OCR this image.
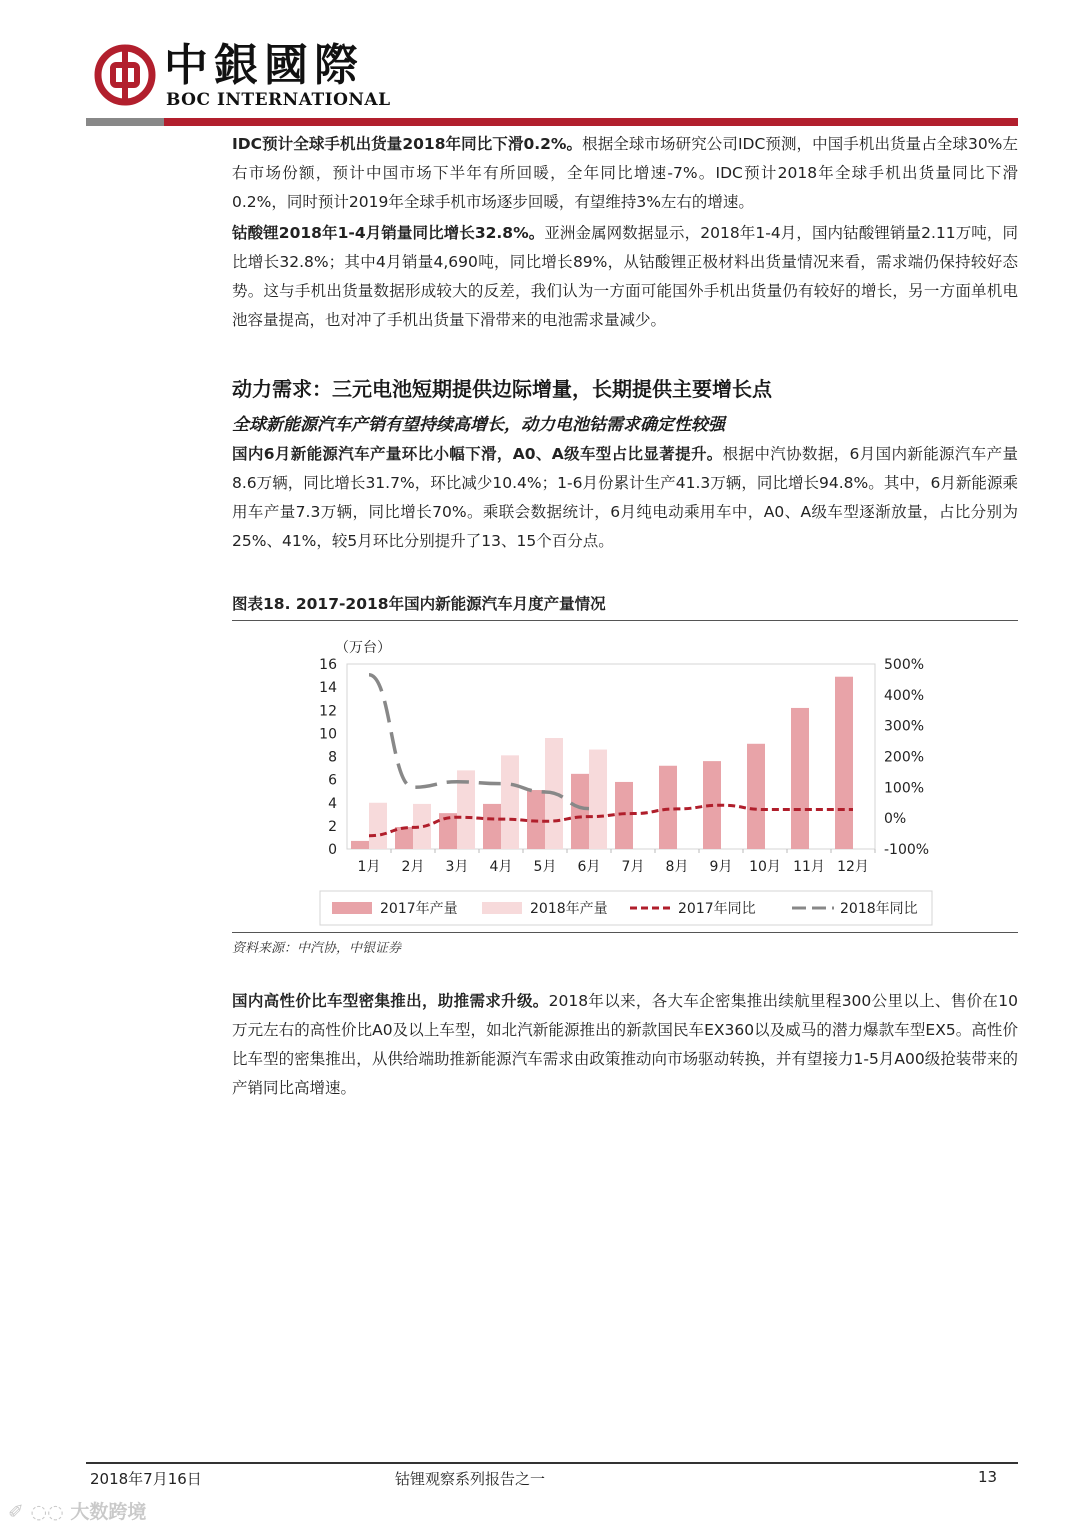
中銀國際
BOC INTERNATIONAL

IDC预计全球手机出货量2018年同比下滑0.2%。根据全球市场研究公司IDC预测，中国手机出货量占全球30%左右市场份额，预计中国市场下半年有所回暖，全年同比增速-7%。IDC预计2018年全球手机出货量同比下滑0.2%，同时预计2019年全球手机市场逐步回暖，有望维持3%左右的增速。

钴酸锂2018年1-4月销量同比增长32.8%。亚洲金属网数据显示，2018年1-4月，国内钴酸锂销量2.11万吨，同比增长32.8%；其中4月销量4,690吨，同比增长89%，从钴酸锂正极材料出货量情况来看，需求端仍保持较好态势。这与手机出货量数据形成较大的反差，我们认为一方面可能国外手机出货量仍有较好的增长，另一方面单机电池容量提高，也对冲了手机出货量下滑带来的电池需求量减少。

动力需求：三元电池短期提供边际增量，长期提供主要增长点
全球新能源汽车产销有望持续高增长，动力电池钴需求确定性较强

国内6月新能源汽车产量环比小幅下滑，A0、A级车型占比显著提升。根据中汽协数据，6月国内新能源汽车产量8.6万辆，同比增长31.7%，环比减少10.4%；1-6月份累计生产41.3万辆，同比增长94.8%。其中，6月新能源乘用车产量7.3万辆，同比增长70%。乘联会数据统计，6月纯电动乘用车中，A0、A级车型逐渐放量，占比分别为25%、41%，较5月环比分别提升了13、15个百分点。

图表18. 2017-2018年国内新能源汽车月度产量情况
0
2
4
6
8
10
12
14
16
-100%
0%
100%
200%
300%
400%
500%
1月 2月 3月 4月 5月 6月 7月 8月 9月 10月 11月 12月
（万台）
2017年产量	2018年产量	2017年同比	2018年同比
资料来源：中汽协，中银证券

国内高性价比车型密集推出，助推需求升级。2018年以来，各大车企密集推出续航里程300公里以上、售价在10万元左右的高性价比A0及以上车型，如北汽新能源推出的新款国民车EX360以及威马的潜力爆款车型EX5。高性价比车型的密集推出，从供给端助推新能源汽车需求由政策推动向市场驱动转换，并有望接力1-5月A00级抢装带来的产销同比高增速。

2018年7月16日	钴锂观察系列报告之一	13
✐ ◌◌ 大数跨境
